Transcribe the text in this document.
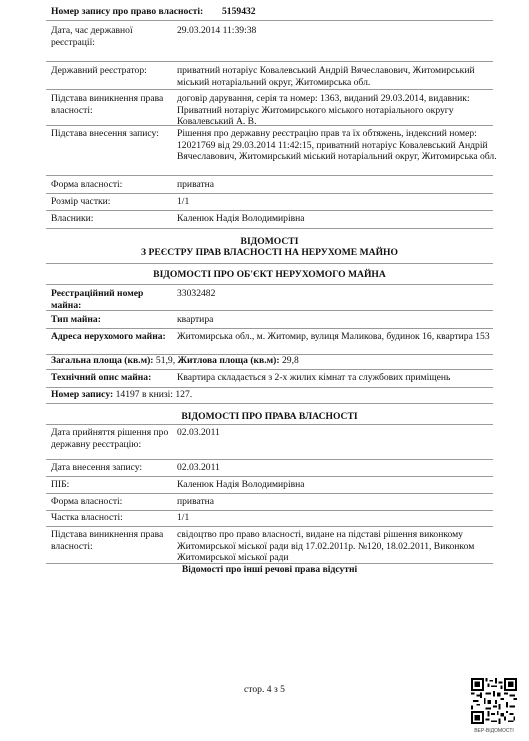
Номер запису про право власності: 5159432
Дата, час державної реєстрації:
29.03.2014 11:39:38
Державний реєстратор:	приватний нотаріус Ковалевський Андрій Вячеславович, Житомирський міський нотаріальний округ, Житомирська обл.
Підстава виникнення права власності:
договір дарування, серія та номер: 1363, виданий 29.03.2014, видавник: Приватний нотаріус Житомирського міського нотаріального округу Ковалевський А. В.
Підстава внесення запису:	Рішення про державну реєстрацію прав та їх обтяжень, індексний номер: 12021769 від 29.03.2014 11:42:15, приватний нотаріус Ковалевський Андрій Вячеславович, Житомирський міський нотаріальний округ, Житомирська обл.
Форма власності:	приватна
Розмір частки:	1/1
Власники:	Каленюк Надія Володимирівна
ВІДОМОСТІ
З РЕЄСТРУ ПРАВ ВЛАСНОСТІ НА НЕРУХОМЕ МАЙНО
ВІДОМОСТІ ПРО ОБ'ЄКТ НЕРУХОМОГО МАЙНА
Реєстраційний номер майна:
33032482
Тип майна:	квартира
Адреса нерухомого майна: Житомирська обл., м. Житомир, вулиця Маликова, будинок 16, квартира 153
Загальна площа (кв.м): 51,9, Житлова площа (кв.м): 29,8
Технічний опис майна:	Квартира складається з 2-х жилих кімнат та службових приміщень
Номер запису: 14197 в книзі: 127.
ВІДОМОСТІ ПРО ПРАВА ВЛАСНОСТІ
Дата прийняття рішення про державну реєстрацію:
02.03.2011
Дата внесення запису:	02.03.2011
ПІБ:	Каленюк Надія Володимирівна
Форма власності:	приватна
Частка власності:	1/1
Підстава виникнення права власності:
свідоцтво про право власності, видане на підставі рішення виконкому Житомирської міської ради від 17.02.2011р. №120, 18.02.2011, Виконком Житомирської міської ради
Відомості про інші речові права відсутні
стор. 4 з 5
ВЕР-ВІДОМОСТІ
